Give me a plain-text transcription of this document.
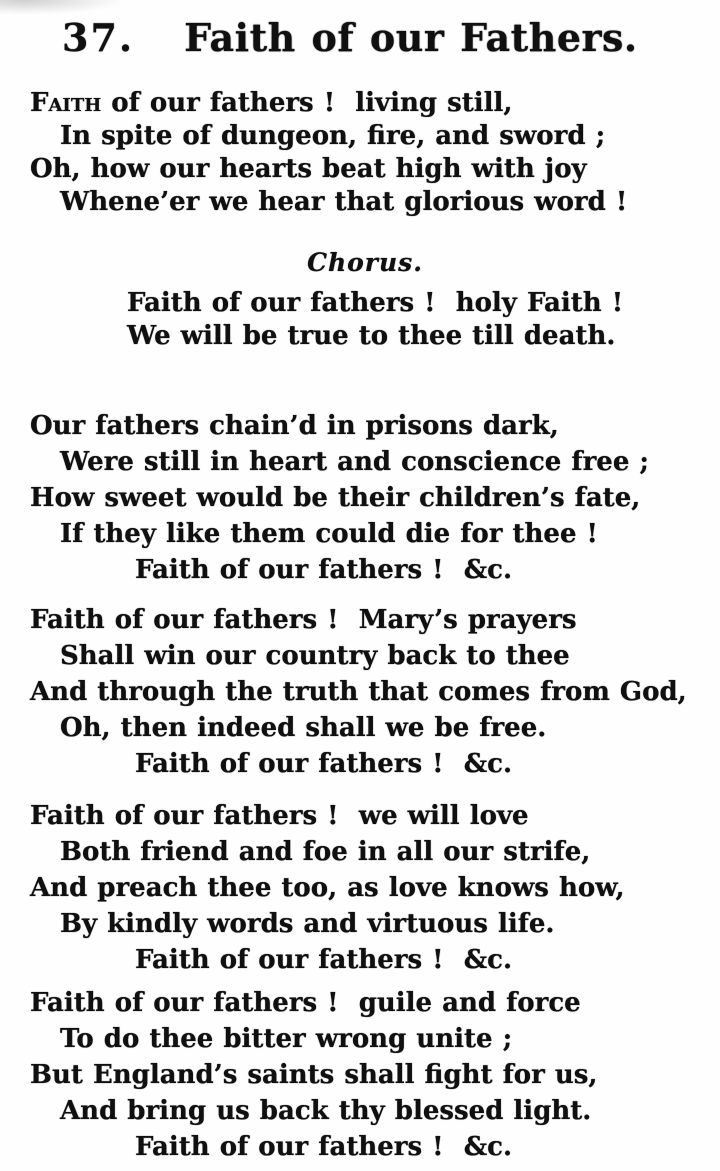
37. Faith of our Fathers.
Faith of our fathers !  living still,
In spite of dungeon, fire, and sword ;
Oh, how our hearts beat high with joy
Whene’er we hear that glorious word !
Chorus.
Faith of our fathers !  holy Faith !
We will be true to thee till death.
Our fathers chain’d in prisons dark,
Were still in heart and conscience free ;
How sweet would be their children’s fate,
If they like them could die for thee !
Faith of our fathers !  &c.
Faith of our fathers !  Mary’s prayers
Shall win our country back to thee
And through the truth that comes from God,
Oh, then indeed shall we be free.
Faith of our fathers !  &c.
Faith of our fathers !  we will love
Both friend and foe in all our strife,
And preach thee too, as love knows how,
By kindly words and virtuous life.
Faith of our fathers !  &c.
Faith of our fathers !  guile and force
To do thee bitter wrong unite ;
But England’s saints shall fight for us,
And bring us back thy blessed light.
Faith of our fathers !  &c.
